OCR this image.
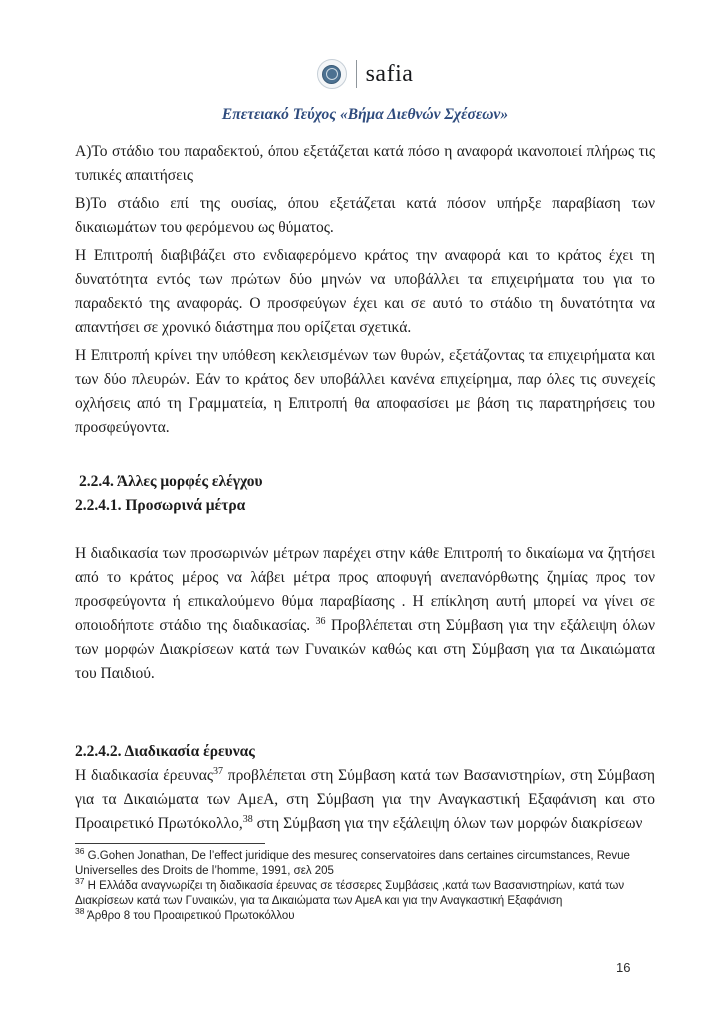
safia
Επετειακό Τεύχος «Βήμα Διεθνών Σχέσεων»

Α)Το στάδιο του παραδεκτού, όπου εξετάζεται κατά πόσο η αναφορά ικανοποιεί πλήρως τις τυπικές απαιτήσεις

Β)Το στάδιο επί της ουσίας, όπου εξετάζεται κατά πόσον υπήρξε παραβίαση των δικαιωμάτων του φερόμενου ως θύματος.

Η Επιτροπή διαβιβάζει στο ενδιαφερόμενο κράτος την αναφορά και το κράτος έχει τη δυνατότητα εντός των πρώτων δύο μηνών να υποβάλλει τα επιχειρήματα του για το παραδεκτό της αναφοράς. Ο προσφεύγων έχει και σε αυτό το στάδιο τη δυνατότητα να απαντήσει σε χρονικό διάστημα που ορίζεται σχετικά.

Η Επιτροπή κρίνει την υπόθεση κεκλεισμένων των θυρών, εξετάζοντας τα επιχειρήματα και των δύο πλευρών. Εάν το κράτος δεν υποβάλλει κανένα επιχείρημα, παρ όλες τις συνεχείς οχλήσεις από τη Γραμματεία, η Επιτροπή θα αποφασίσει με βάση τις παρατηρήσεις του προσφεύγοντα.

2.2.4. Άλλες μορφές ελέγχου
2.2.4.1. Προσωρινά μέτρα

Η διαδικασία των προσωρινών μέτρων παρέχει στην κάθε Επιτροπή το δικαίωμα να ζητήσει από το κράτος μέρος να λάβει μέτρα προς αποφυγή ανεπανόρθωτης ζημίας προς τον προσφεύγοντα ή επικαλούμενο θύμα παραβίασης . Η επίκληση αυτή μπορεί να γίνει σε οποιοδήποτε στάδιο της διαδικασίας. $^{36}$ Προβλέπεται στη Σύμβαση για την εξάλειψη όλων των μορφών Διακρίσεων κατά των Γυναικών καθώς και στη Σύμβαση για τα Δικαιώματα του Παιδιού.

2.2.4.2. Διαδικασία έρευνας

Η διαδικασία έρευνας$^{37}$ προβλέπεται στη Σύμβαση κατά των Βασανιστηρίων, στη Σύμβαση για τα Δικαιώματα των ΑμεΑ, στη Σύμβαση για την Αναγκαστική Εξαφάνιση και στο Προαιρετικό Πρωτόκολλο,$^{38}$ στη Σύμβαση για την εξάλειψη όλων των μορφών διακρίσεων

$^{36}$ G.Gohen Jonathan, De l’effect juridique des mesureς conservatoires dans certaines circumstances, Revue Universelles des Droits de l’homme, 1991, σελ 205

$^{37}$ Η Ελλάδα αναγνωρίζει τη διαδικασία έρευνας σε τέσσερες Συμβάσεις ,κατά των Βασανιστηρίων, κατά των Διακρίσεων κατά των Γυναικών, για τα Δικαιώματα των ΑμεΑ και για την Αναγκαστική Εξαφάνιση

$^{38}$ Άρθρο 8 του Προαιρετικού Πρωτοκόλλου

16
